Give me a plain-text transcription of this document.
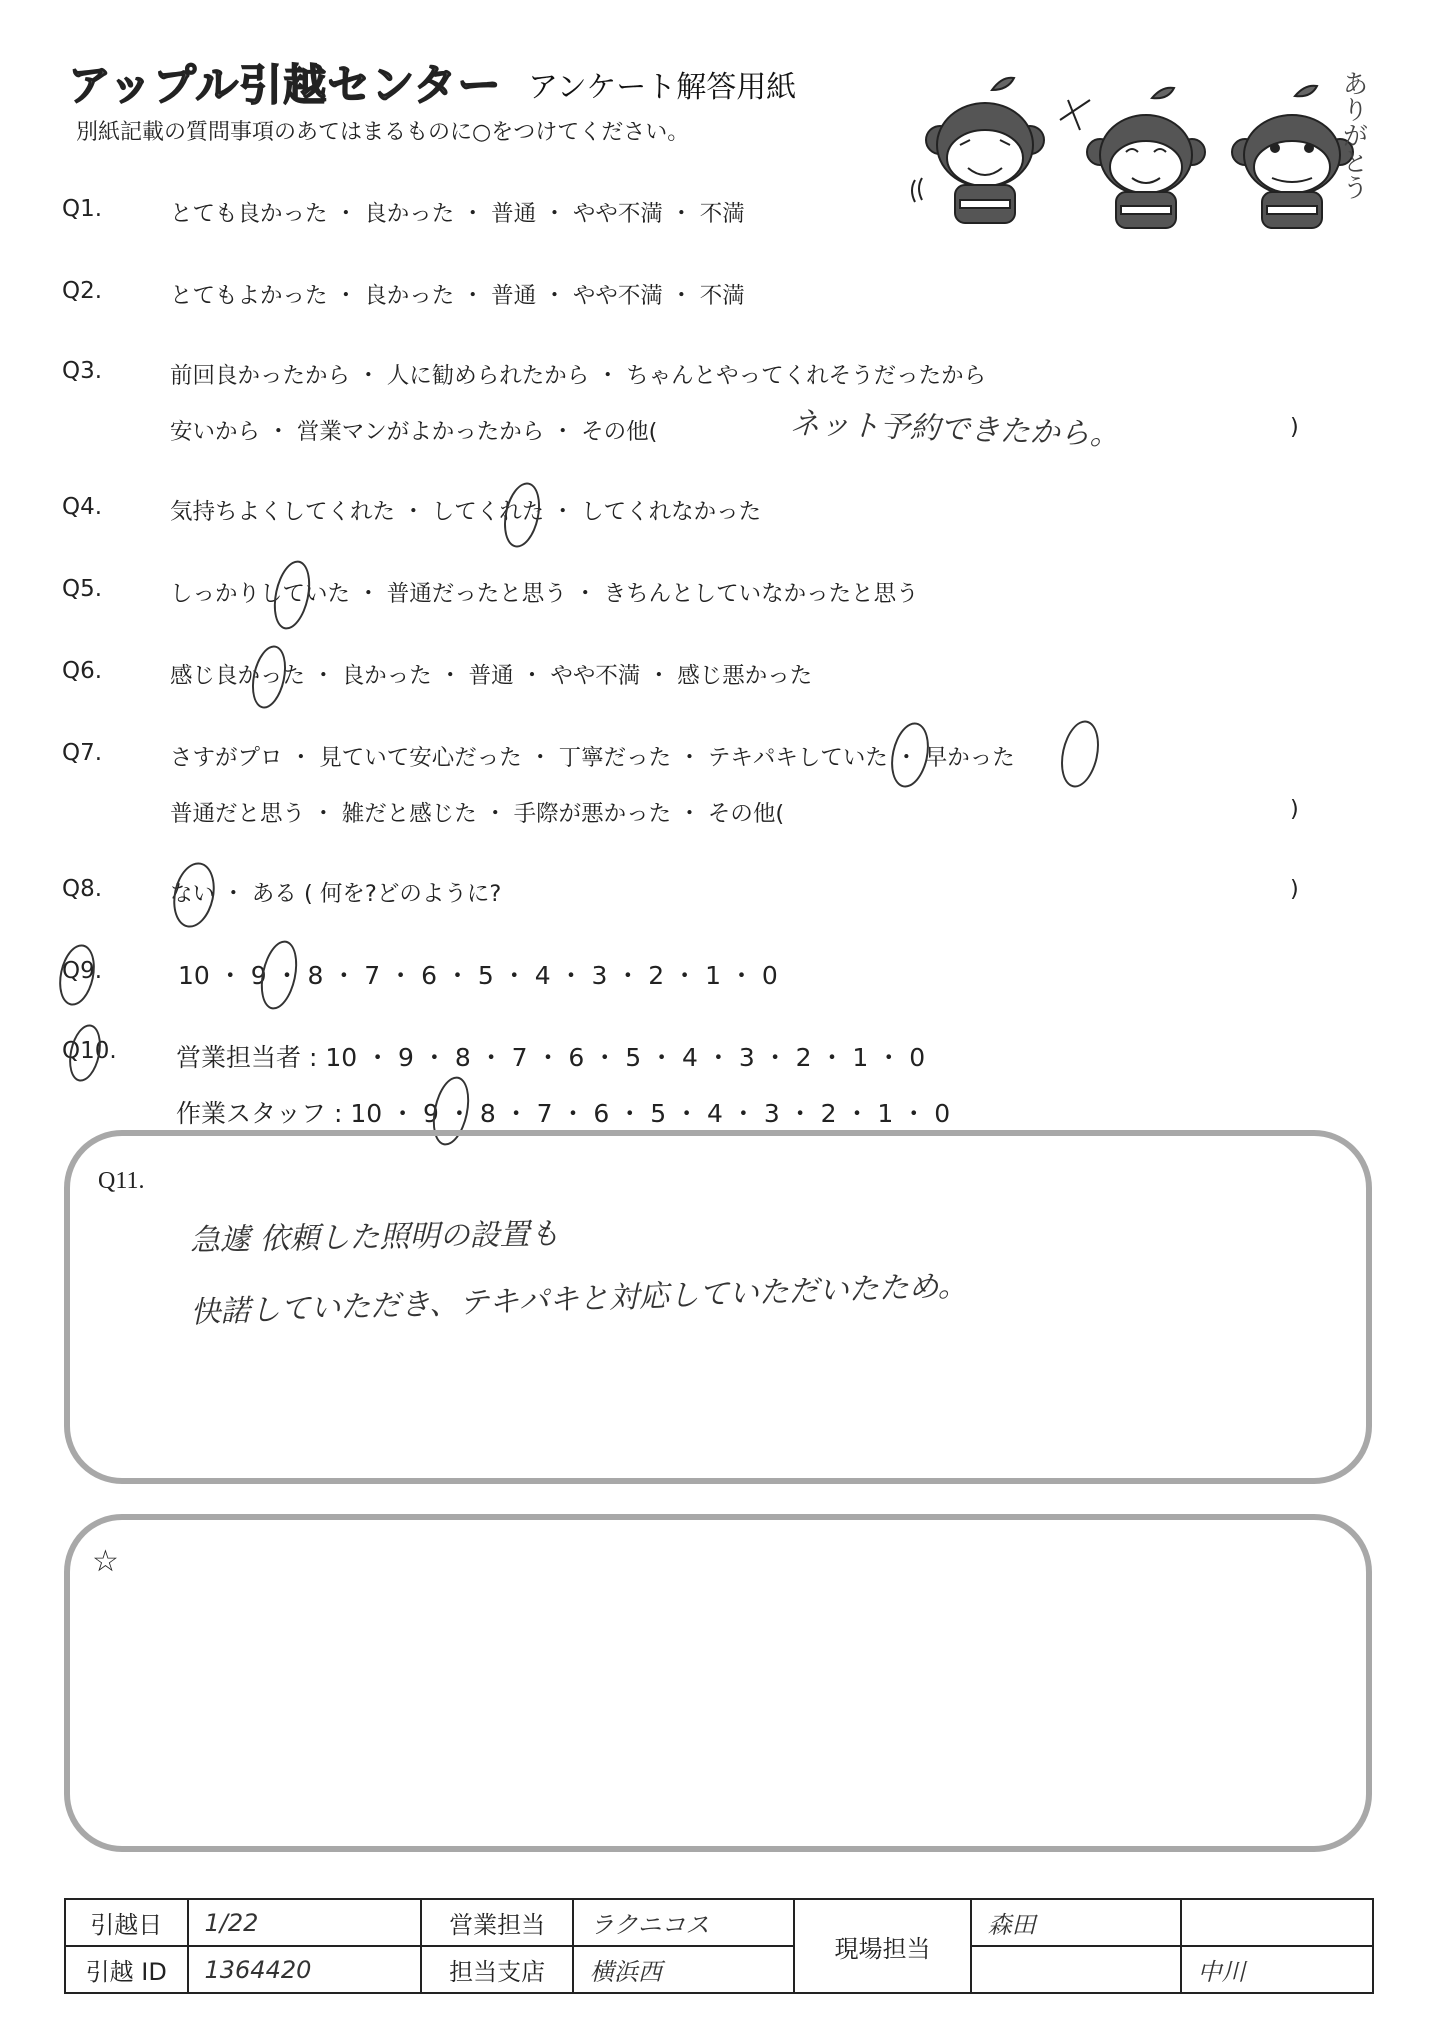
アップル引越センター アンケート解答用紙
別紙記載の質問事項のあてはまるものに○をつけてください。	ありがとう
Q1.	とても良かった ・ 良かった ・ 普通 ・ やや不満 ・ 不満
Q2.	とてもよかった ・ 良かった ・ 普通 ・ やや不満 ・ 不満
Q3.	前回良かったから ・ 人に勧められたから ・ ちゃんとやってくれそうだったから
安いから ・ 営業マンがよかったから ・ その他(	ネット予約できたから。	)
Q4.	気持ちよくしてくれた ・ してくれた ・ してくれなかった
Q5.	しっかりしていた ・ 普通だったと思う ・ きちんとしていなかったと思う
Q6.	感じ良かった ・ 良かった ・ 普通 ・ やや不満 ・ 感じ悪かった
Q7.	さすがプロ ・ 見ていて安心だった ・ 丁寧だった ・ テキパキしていた ・ 早かった
普通だと思う ・ 雑だと感じた ・ 手際が悪かった ・ その他(	)
Q8.	ない ・ ある ( 何を?どのように?	)
Q9.	10 ・ 9 ・ 8 ・ 7 ・ 6 ・ 5 ・ 4 ・ 3 ・ 2 ・ 1 ・ 0
Q10. 営業担当者 : 10 ・ 9 ・ 8 ・ 7 ・ 6 ・ 5 ・ 4 ・ 3 ・ 2 ・ 1 ・ 0
作業スタッフ : 10 ・ 9 ・ 8 ・ 7 ・ 6 ・ 5 ・ 4 ・ 3 ・ 2 ・ 1 ・ 0
Q11.
急遽 依頼した照明の設置も
快諾していただき、テキパキと対応していただいたため。
☆
引越日	1/22	営業担当	ラクニコス	現場担当	森田	
引越 ID	1364420	担当支店	横浜西			中川
